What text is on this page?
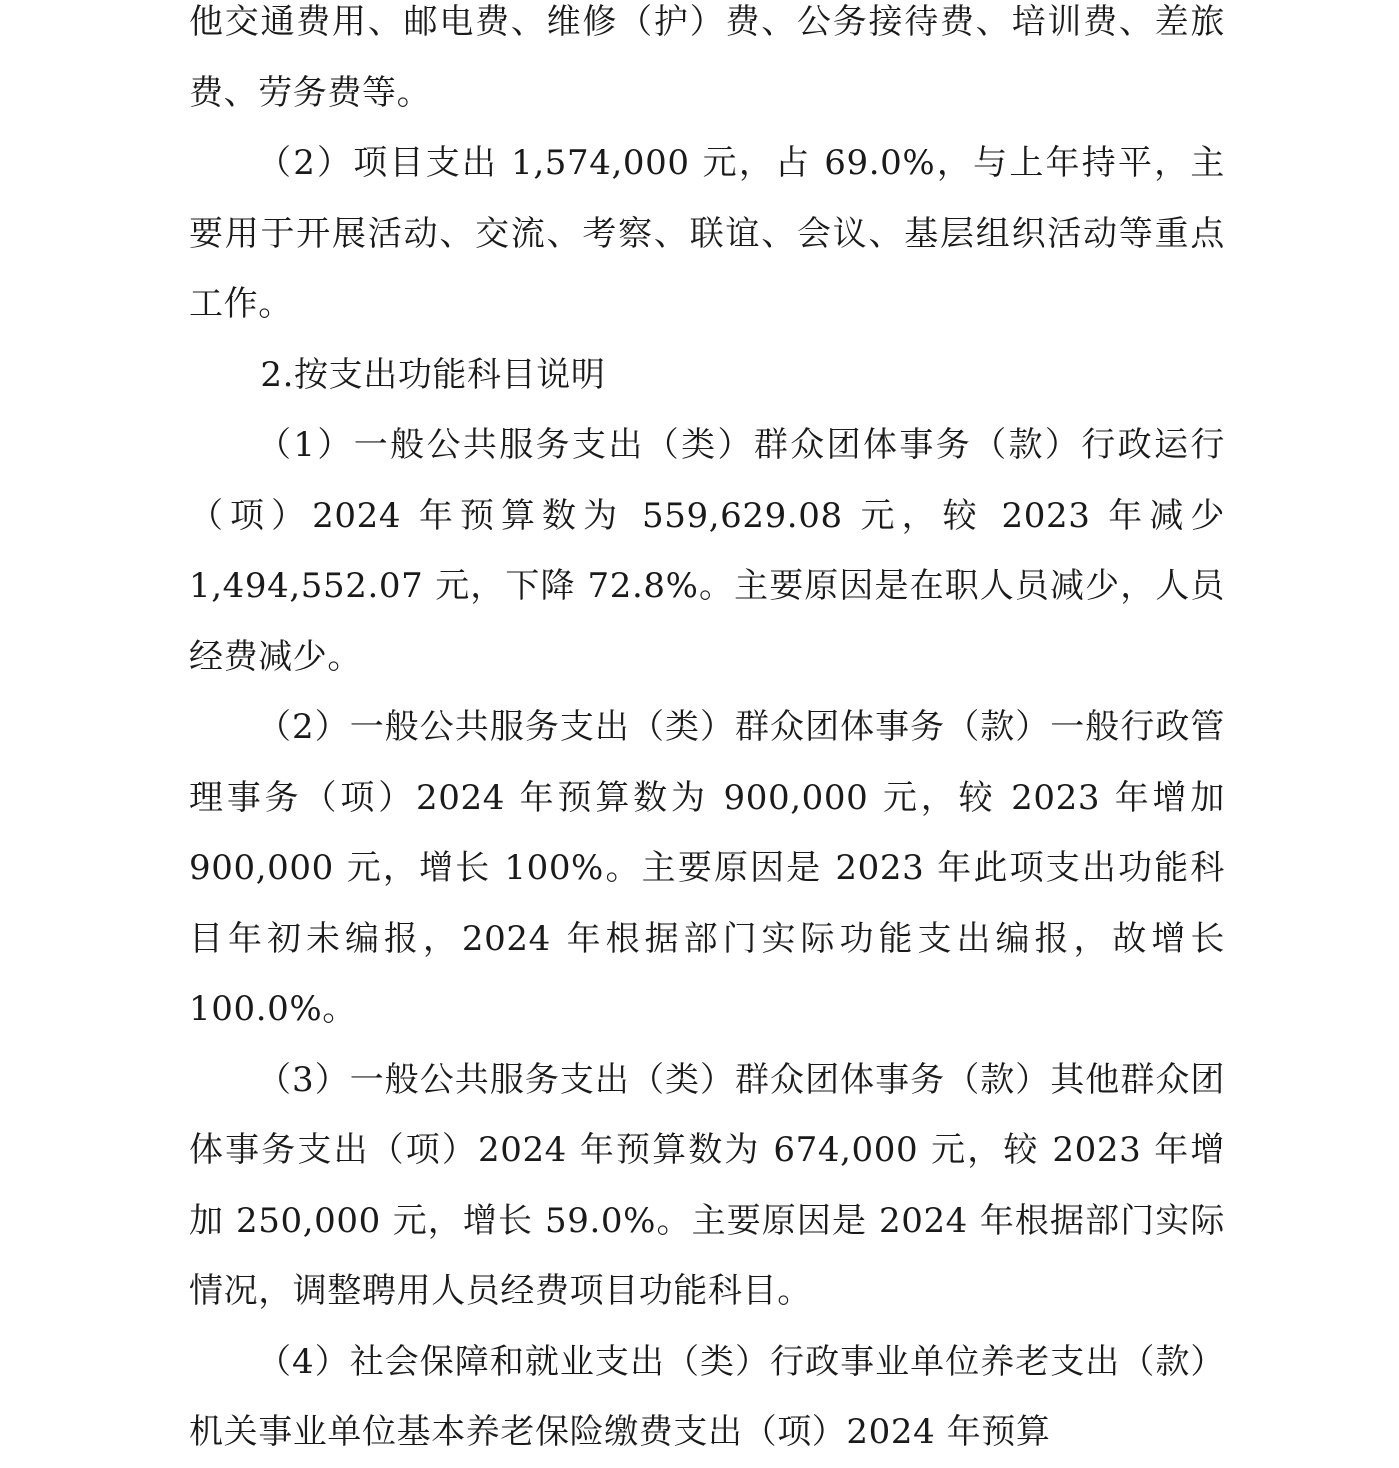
他交通费用、邮电费、维修（护）费、公务接待费、培训费、差旅费、劳务费等。

（2）项目支出 1,574,000 元，占 69.0%，与上年持平，主要用于开展活动、交流、考察、联谊、会议、基层组织活动等重点工作。

2.按支出功能科目说明

（1）一般公共服务支出（类）群众团体事务（款）行政运行（项）2024 年预算数为 559,629.08 元，较 2023 年减少 1,494,552.07 元，下降 72.8%。主要原因是在职人员减少，人员经费减少。

（2）一般公共服务支出（类）群众团体事务（款）一般行政管理事务（项）2024 年预算数为 900,000 元，较 2023 年增加 900,000 元，增长 100%。主要原因是 2023 年此项支出功能科目年初未编报，2024 年根据部门实际功能支出编报，故增长 100.0%。

（3）一般公共服务支出（类）群众团体事务（款）其他群众团体事务支出（项）2024 年预算数为 674,000 元，较 2023 年增加 250,000 元，增长 59.0%。主要原因是 2024 年根据部门实际情况，调整聘用人员经费项目功能科目。

（4）社会保障和就业支出（类）行政事业单位养老支出（款）机关事业单位基本养老保险缴费支出（项）2024 年预算
